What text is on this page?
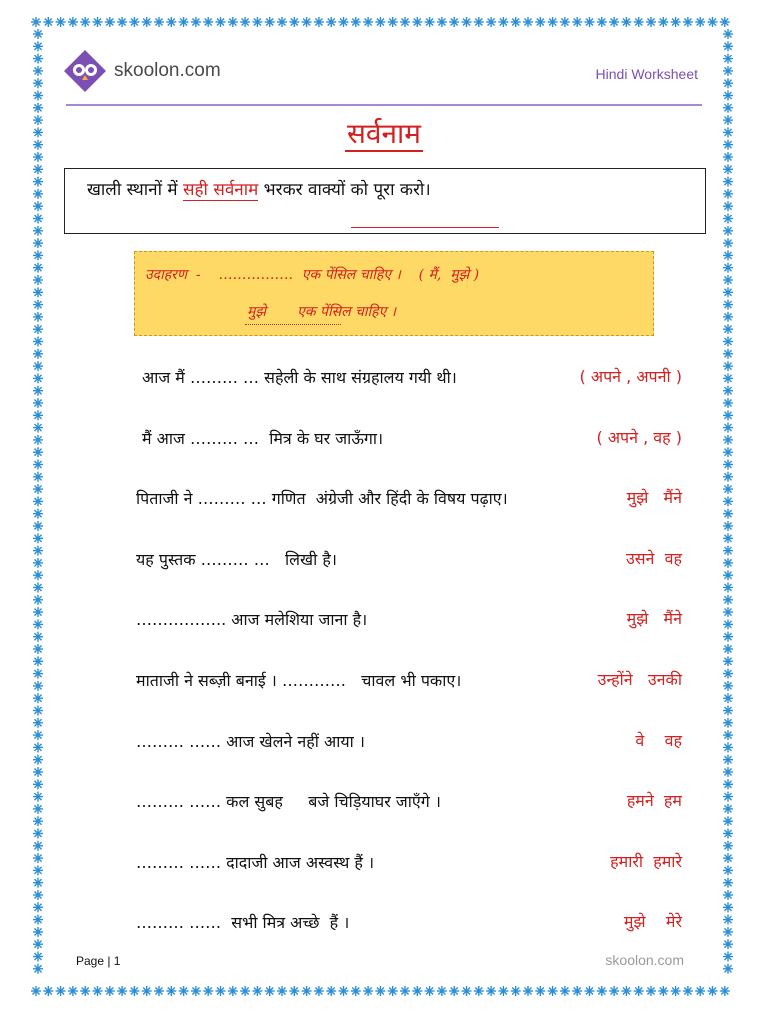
skoolon.com	Hindi Worksheet
सर्वनाम
खाली स्थानों में सही सर्वनाम भरकर वाक्यों को पूरा करो।
उदाहरण  -    …………….  एक पेंसिल चाहिए ।    ( मैं,  मुझे )
मुझे       एक पेंसिल चाहिए ।
आज मैं ……… … सहेली के साथ संग्रहालय गयी थी।	( अपने , अपनी )
मैं आज ……… …  मित्र के घर जाऊँगा।	( अपने , वह )
पिताजी ने ……… … गणित  अंग्रेजी और हिंदी के विषय पढ़ाए।	मुझे   मैंने
यह पुस्तक ……… …   लिखी है।	उसने  वह
…………….. आज मलेशिया जाना है।	मुझे   मैंने
माताजी ने सब्ज़ी बनाई । …………   चावल भी पकाए।	उन्होंने   उनकी
……… …… आज खेलने नहीं आया ।	वे    वह
……… …… कल सुबह     बजे चिड़ियाघर जाएँगे ।	हमने  हम
……… …… दादाजी आज अस्वस्थ हैं ।	हमारी  हमारे
……… ……  सभी मित्र अच्छे  हैं ।	मुझे    मेरे
Page | 1	skoolon.com
